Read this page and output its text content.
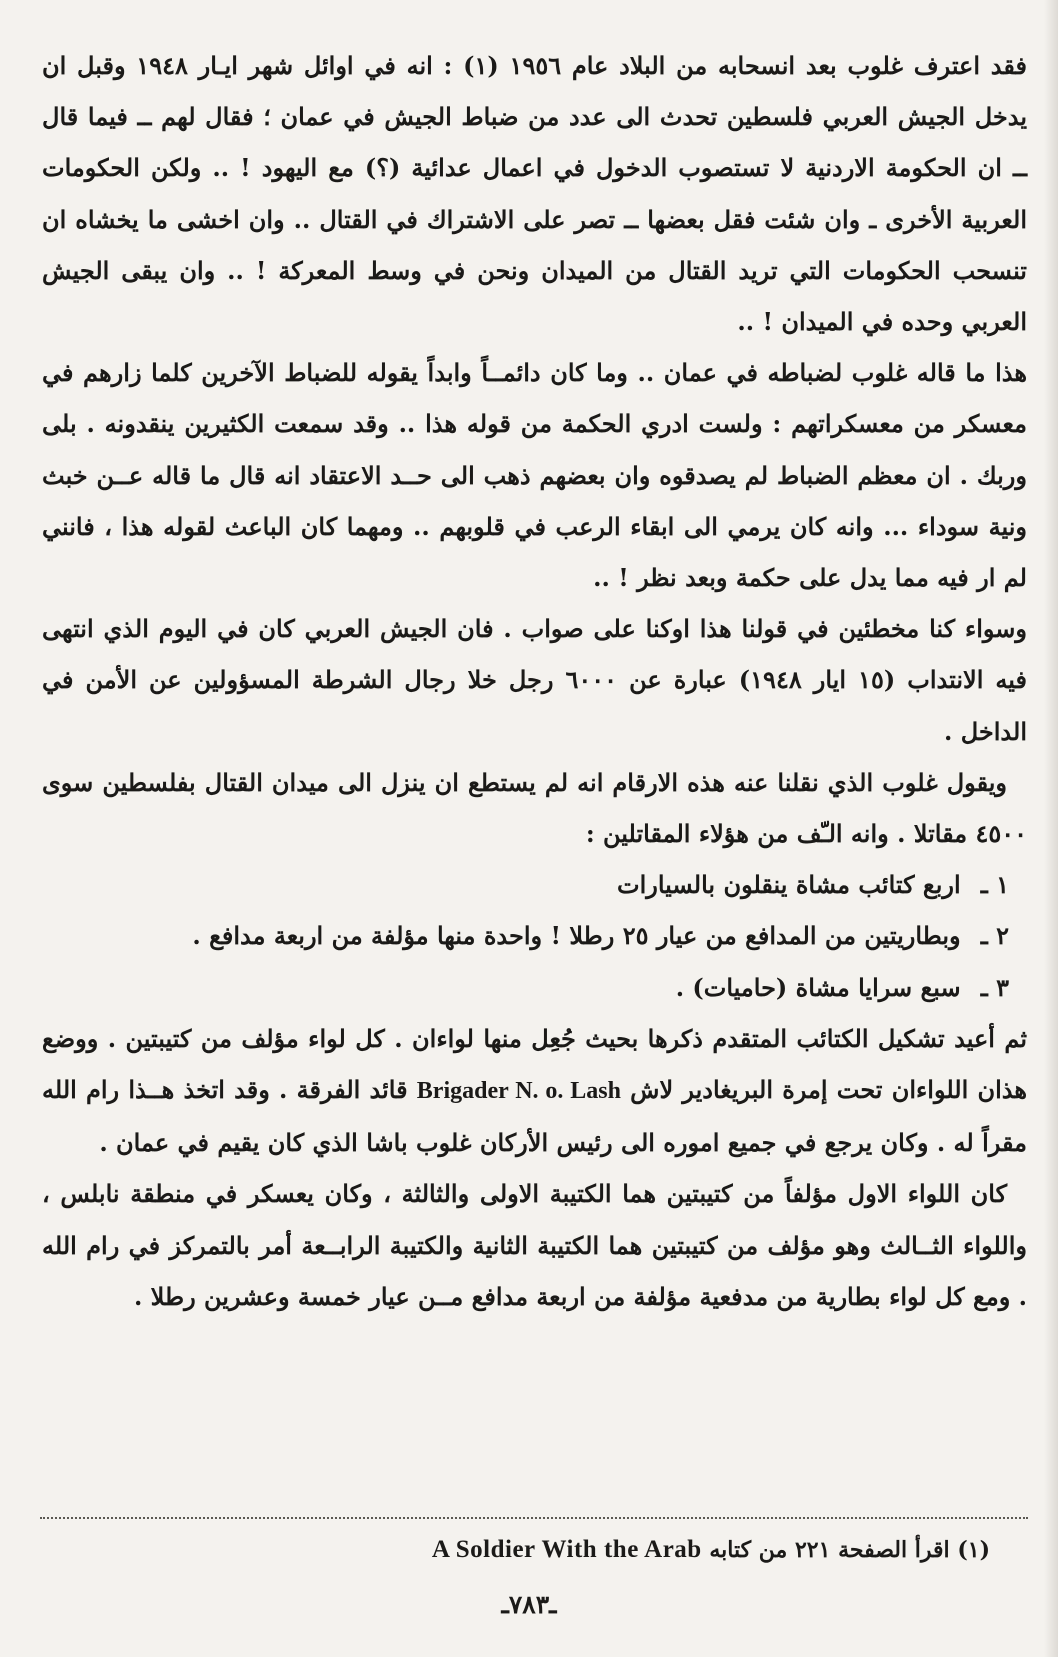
فقد اعترف غلوب بعد انسحابه من البلاد عام ١٩٥٦ (١) : انه في اوائل شهر ايـار ١٩٤٨ وقبل ان يدخل الجيش العربي فلسطين تحدث الى عدد من ضباط الجيش في عمان ؛ فقال لهم ــ فيما قال ــ ان الحكومة الاردنية لا تستصوب الدخول في اعمال عدائية (؟) مع اليهود ! .. ولكن الحكومات العربية الأخرى ـ وان شئت فقل بعضها ــ تصر على الاشتراك في القتال .. وان اخشى ما يخشاه ان تنسحب الحكومات التي تريد القتال من الميدان ونحن في وسط المعركة ! .. وان يبقى الجيش العربي وحده في الميدان ! ..

هذا ما قاله غلوب لضباطه في عمان .. وما كان دائمــاً وابداً يقوله للضباط الآخرين كلما زارهم في معسكر من معسكراتهم : ولست ادري الحكمة من قوله هذا .. وقد سمعت الكثيرين ينقدونه . بلى وربك . ان معظم الضباط لم يصدقوه وان بعضهم ذهب الى حــد الاعتقاد انه قال ما قاله عــن خبث ونية سوداء ... وانه كان يرمي الى ابقاء الرعب في قلوبهم .. ومهما كان الباعث لقوله هذا ، فانني لم ار فيه مما يدل على حكمة وبعد نظر ! ..

وسواء كنا مخطئين في قولنا هذا اوكنا على صواب . فان الجيش العربي كان في اليوم الذي انتهى فيه الانتداب (١٥ ايار ١٩٤٨) عبارة عن ٦٠٠٠ رجل خلا رجال الشرطة المسؤولين عن الأمن في الداخل .

ويقول غلوب الذي نقلنا عنه هذه الارقام انه لم يستطع ان ينزل الى ميدان القتال بفلسطين سوى ٤٥٠٠ مقاتلا . وانه الـّف من هؤلاء المقاتلين :

١ ـ اربع كتائب مشاة ينقلون بالسيارات
٢ ـ وبطاريتين من المدافع من عيار ٢٥ رطلا ! واحدة منها مؤلفة من اربعة مدافع .
٣ ـ سبع سرايا مشاة (حاميات) .

ثم أعيد تشكيل الكتائب المتقدم ذكرها بحيث جُعِل منها لواءان . كل لواء مؤلف من كتيبتين . ووضع هذان اللواءان تحت إمرة البريغادير لاش Brigader N. o. Lash قائد الفرقة . وقد اتخذ هــذا رام الله مقراً له . وكان يرجع في جميع اموره الى رئيس الأركان غلوب باشا الذي كان يقيم في عمان .

كان اللواء الاول مؤلفاً من كتيبتين هما الكتيبة الاولى والثالثة ، وكان يعسكر في منطقة نابلس ، واللواء الثــالث وهو مؤلف من كتيبتين هما الكتيبة الثانية والكتيبة الرابــعة أمر بالتمركز في رام الله . ومع كل لواء بطارية من مدفعية مؤلفة من اربعة مدافع مــن عيار خمسة وعشرين رطلا .

(١) اقرأ الصفحة ٢٢١ من كتابه A Soldier With the Arab
ـ٧٨٣ـ
